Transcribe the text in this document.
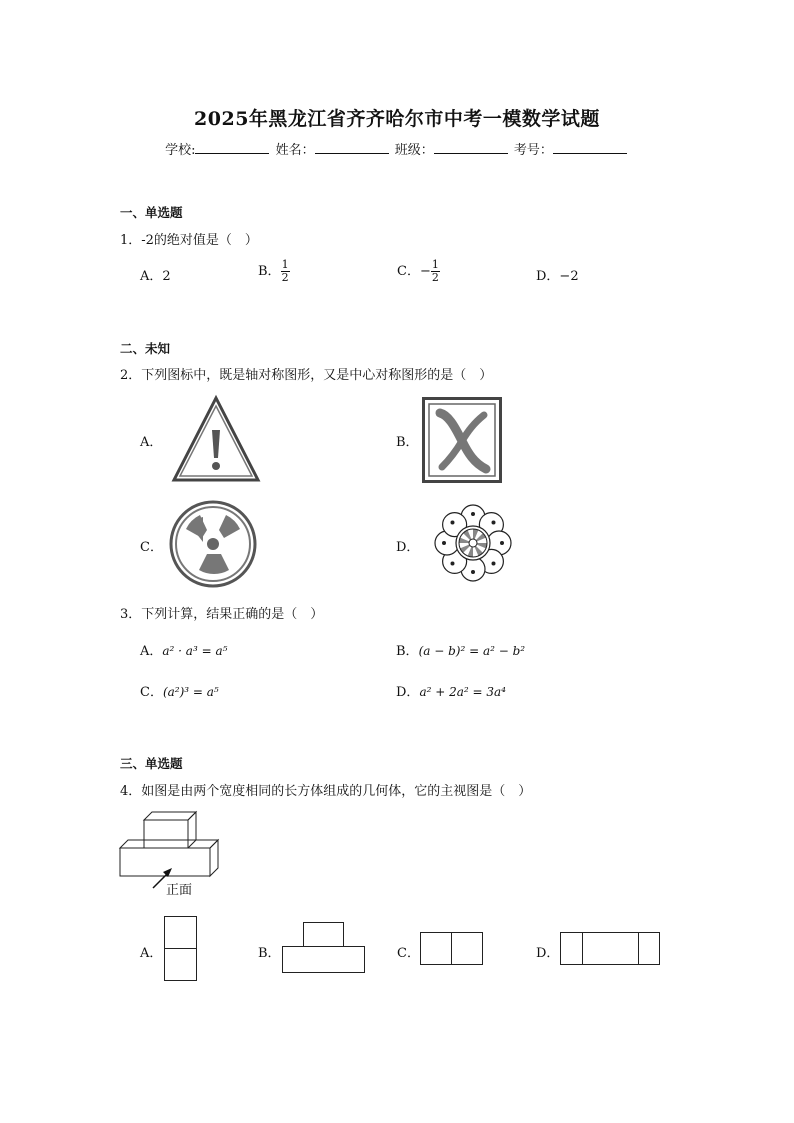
2025年黑龙江省齐齐哈尔市中考一模数学试题
学校:	姓名：	班级：	考号：
一、单选题
1．-2的绝对值是（　）
A．2	B． $\frac{1}{2}$	C．− $\frac{1}{2}$	D．−2
二、未知
2．下列图标中，既是轴对称图形，又是中心对称图形的是（　）
A．	B．
C．	D．
3．下列计算，结果正确的是（　）
A．a² · a³ = a⁵	B．(a − b)² = a² − b²
C．(a²)³ = a⁵	D．a² + 2a² = 3a⁴
三、单选题
4．如图是由两个宽度相同的长方体组成的几何体，它的主视图是（　）
正面
A．	B．	C．	D．
